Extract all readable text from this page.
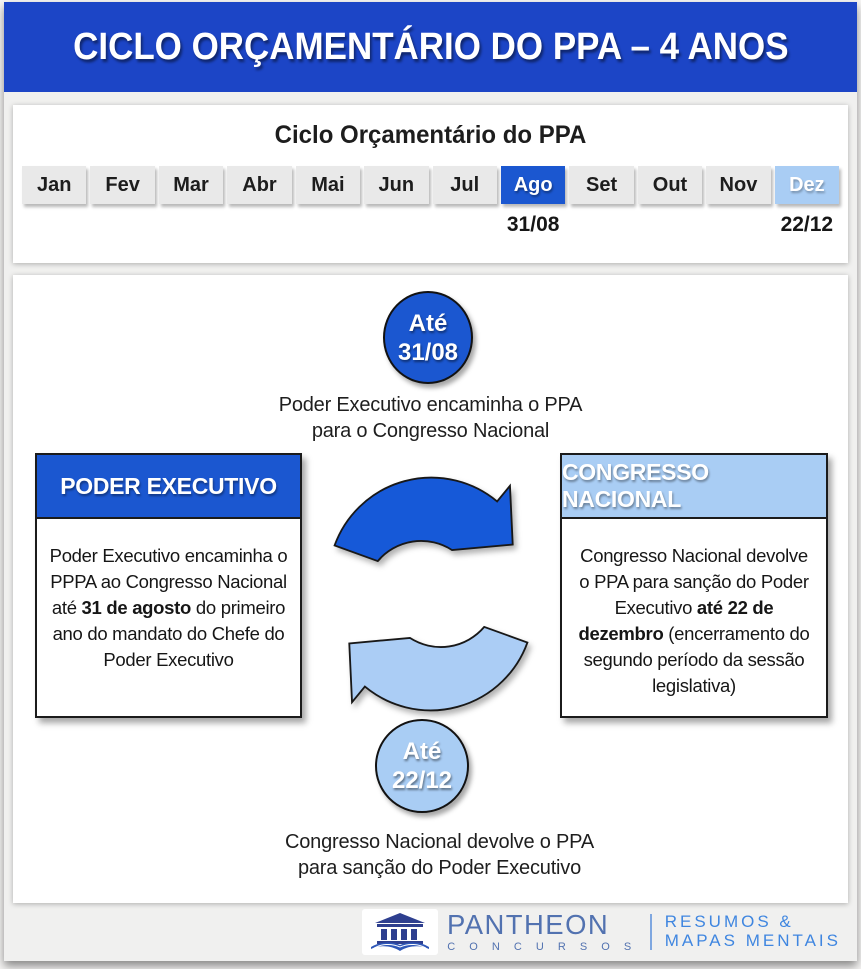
CICLO ORÇAMENTÁRIO DO PPA – 4 ANOS
Ciclo Orçamentário do PPA
Jan	Fev	Mar	Abr	Mai	Jun	Jul	Ago	Set	Out	Nov	Dez
31/08	22/12
Até
31/08
Poder Executivo encaminha o PPA
para o Congresso Nacional
PODER EXECUTIVO
Poder Executivo encaminha o PPPA ao Congresso Nacional até 31 de agosto do primeiro ano do mandato do Chefe do Poder Executivo
CONGRESSO NACIONAL
Congresso Nacional devolve o PPA para sanção do Poder Executivo até 22 de dezembro (encerramento do segundo período da sessão legislativa)
Até
22/12
Congresso Nacional devolve o PPA
para sanção do Poder Executivo
PANTHEON
C O N C U R S O S
RESUMOS &
MAPAS MENTAIS
